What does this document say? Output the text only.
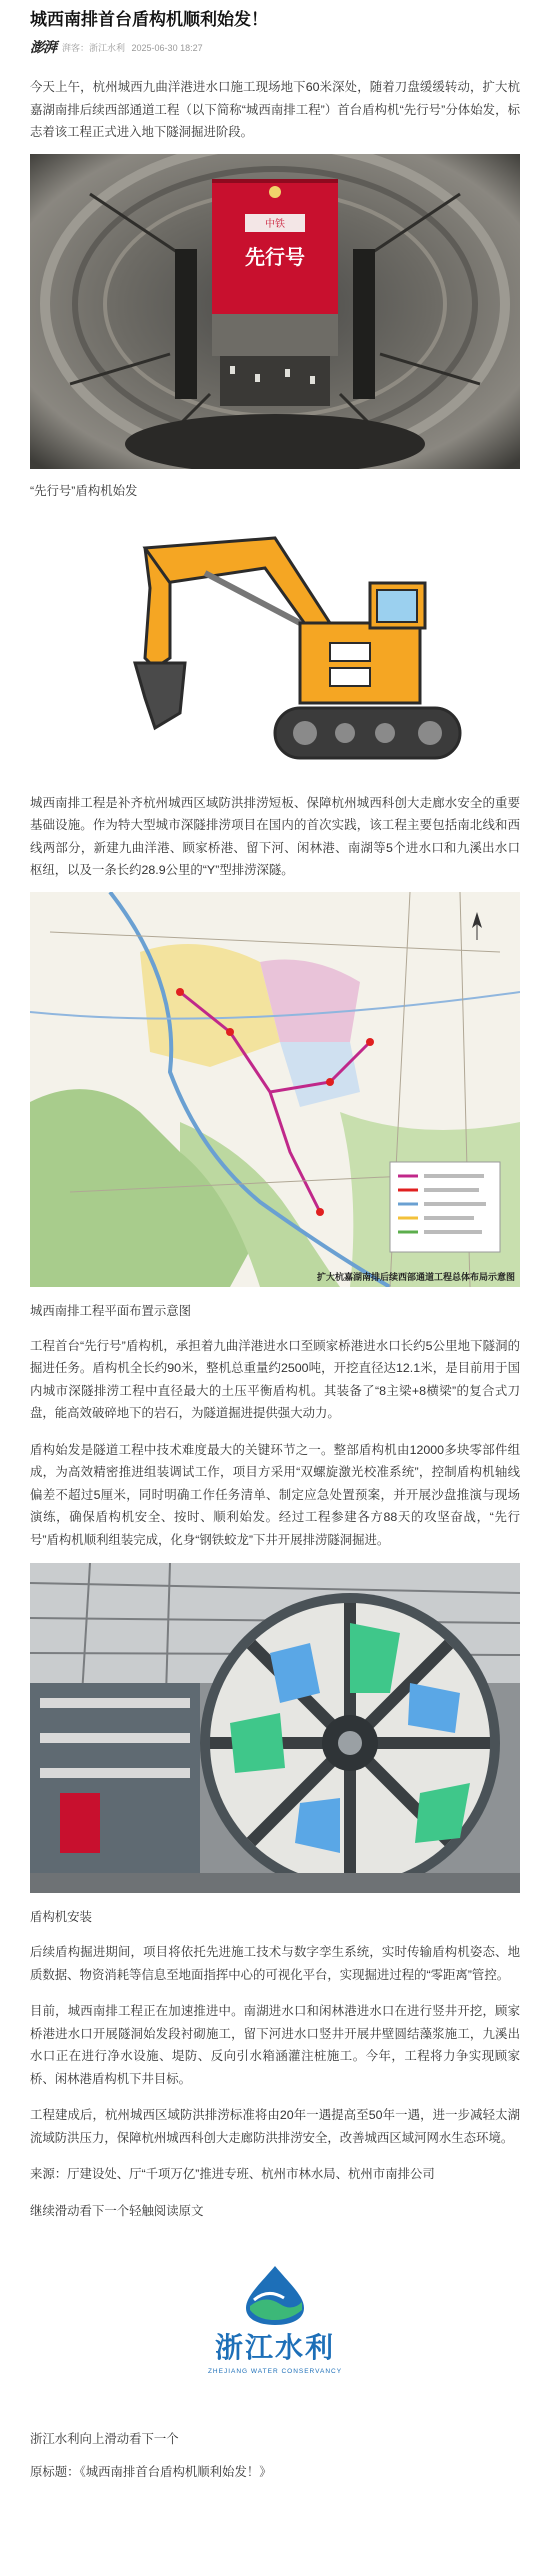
城西南排首台盾构机顺利始发！
澎湃 湃客：浙江水利 2025-06-30 18:27

今天上午，杭州城西九曲洋港进水口施工现场地下60米深处，随着刀盘缓缓转动，扩大杭嘉湖南排后续西部通道工程（以下简称“城西南排工程”）首台盾构机“先行号”分体始发，标志着该工程正式进入地下隧洞掘进阶段。

中铁
先行号

“先行号”盾构机始发

城西南排工程是补齐杭州城西区域防洪排涝短板、保障杭州城西科创大走廊水安全的重要基础设施。作为特大型城市深隧排涝项目在国内的首次实践，该工程主要包括南北线和西线两部分，新建九曲洋港、顾家桥港、留下河、闲林港、南湖等5个进水口和九溪出水口枢纽，以及一条长约28.9公里的“Y”型排涝深隧。

扩大杭嘉湖南排后续西部通道工程总体布局示意图

城西南排工程平面布置示意图

工程首台“先行号”盾构机，承担着九曲洋港进水口至顾家桥港进水口长约5公里地下隧洞的掘进任务。盾构机全长约90米，整机总重量约2500吨，开挖直径达12.1米，是目前用于国内城市深隧排涝工程中直径最大的土压平衡盾构机。其装备了“8主梁+8横梁”的复合式刀盘，能高效破碎地下的岩石，为隧道掘进提供强大动力。

盾构始发是隧道工程中技术难度最大的关键环节之一。整部盾构机由12000多块零部件组成，为高效精密推进组装调试工作，项目方采用“双螺旋激光校准系统”，控制盾构机轴线偏差不超过5厘米，同时明确工作任务清单、制定应急处置预案，并开展沙盘推演与现场演练，确保盾构机安全、按时、顺利始发。经过工程参建各方88天的攻坚奋战，“先行号”盾构机顺利组装完成，化身“钢铁蛟龙”下井开展排涝隧洞掘进。

盾构机安装

后续盾构掘进期间，项目将依托先进施工技术与数字孪生系统，实时传输盾构机姿态、地质数据、物资消耗等信息至地面指挥中心的可视化平台，实现掘进过程的“零距离”管控。

目前，城西南排工程正在加速推进中。南湖进水口和闲林港进水口在进行竖井开挖，顾家桥港进水口开展隧洞始发段衬砌施工，留下河进水口竖井开展井壁圆结藻浆施工，九溪出水口正在进行净水设施、堤防、反向引水箱涵灌注桩施工。今年，工程将力争实现顾家桥、闲林港盾构机下井目标。

工程建成后，杭州城西区域防洪排涝标准将由20年一遇提高至50年一遇，进一步减轻太湖流域防洪压力，保障杭州城西科创大走廊防洪排涝安全，改善城西区域河网水生态环境。

来源：厅建设处、厅“千项万亿”推进专班、杭州市林水局、杭州市南排公司

继续滑动看下一个轻触阅读原文

浙江水利
ZHEJIANG WATER CONSERVANCY

浙江水利向上滑动看下一个

原标题：《城西南排首台盾构机顺利始发！》
